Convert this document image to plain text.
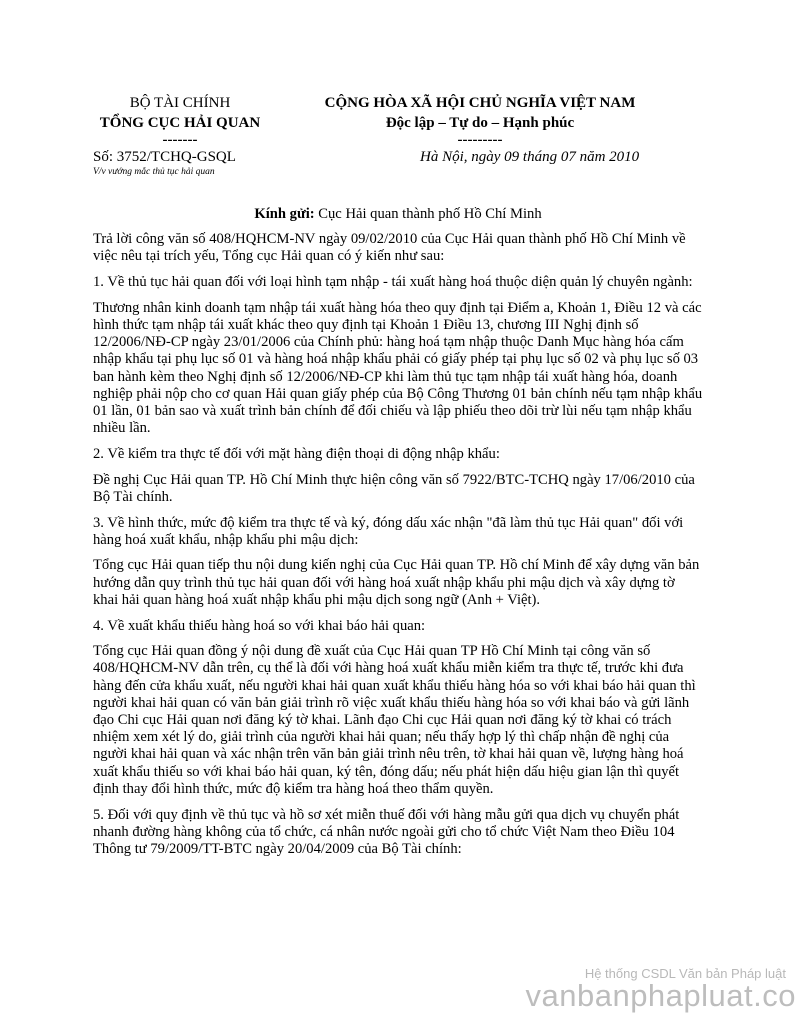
BỘ TÀI CHÍNH
TỔNG CỤC HẢI QUAN
-------
CỘNG HÒA XÃ HỘI CHỦ NGHĨA VIỆT NAM
Độc lập – Tự do – Hạnh phúc
---------
Số: 3752/TCHQ-GSQL
V/v vướng mắc thủ tục hải quan
Hà Nội, ngày 09 tháng 07 năm 2010

Kính gửi: Cục Hải quan thành phố Hồ Chí Minh

Trả lời công văn số 408/HQHCM-NV ngày 09/02/2010 của Cục Hải quan thành phố Hồ Chí Minh về việc nêu tại trích yếu, Tổng cục Hải quan có ý kiến như sau:

1. Về thủ tục hải quan đối với loại hình tạm nhập - tái xuất hàng hoá thuộc diện quản lý chuyên ngành:

Thương nhân kinh doanh tạm nhập tái xuất hàng hóa theo quy định tại Điểm a, Khoản 1, Điều 12 và các hình thức tạm nhập tái xuất khác theo quy định tại Khoản 1 Điều 13, chương III Nghị định số 12/2006/NĐ-CP ngày 23/01/2006 của Chính phủ: hàng hoá tạm nhập thuộc Danh Mục hàng hóa cấm nhập khẩu tại phụ lục số 01 và hàng hoá nhập khẩu phải có giấy phép tại phụ lục số 02 và phụ lục số 03 ban hành kèm theo Nghị định số 12/2006/NĐ-CP khi làm thủ tục tạm nhập tái xuất hàng hóa, doanh nghiệp phải nộp cho cơ quan Hải quan giấy phép của Bộ Công Thương 01 bản chính nếu tạm nhập khẩu 01 lần, 01 bản sao và xuất trình bản chính để đối chiếu và lập phiếu theo dõi trừ lùi nếu tạm nhập khẩu nhiều lần.

2. Về kiểm tra thực tế đối với mặt hàng điện thoại di động nhập khẩu:

Đề nghị Cục Hải quan TP. Hồ Chí Minh thực hiện công văn số 7922/BTC-TCHQ ngày 17/06/2010 của Bộ Tài chính.

3. Về hình thức, mức độ kiểm tra thực tế và ký, đóng dấu xác nhận "đã làm thủ tục Hải quan" đối với hàng hoá xuất khẩu, nhập khẩu phi mậu dịch:

Tổng cục Hải quan tiếp thu nội dung kiến nghị của Cục Hải quan TP. Hồ chí Minh để xây dựng văn bản hướng dẫn quy trình thủ tục hải quan đối với hàng hoá xuất nhập khẩu phi mậu dịch và xây dựng tờ khai hải quan hàng hoá xuất nhập khẩu phi mậu dịch song ngữ (Anh + Việt).

4. Về xuất khẩu thiếu hàng hoá so với khai báo hải quan:

Tổng cục Hải quan đồng ý nội dung đề xuất của Cục Hải quan TP Hồ Chí Minh tại công văn số 408/HQHCM-NV dẫn trên, cụ thể là đối với hàng hoá xuất khẩu miễn kiểm tra thực tế, trước khi đưa hàng đến cửa khẩu xuất, nếu người khai hải quan xuất khẩu thiếu hàng hóa so với khai báo hải quan thì người khai hải quan có văn bản giải trình rõ việc xuất khẩu thiếu hàng hóa so với khai báo và gửi lãnh đạo Chi cục Hải quan nơi đăng ký tờ khai. Lãnh đạo Chi cục Hải quan nơi đăng ký tờ khai có trách nhiệm xem xét lý do, giải trình của người khai hải quan; nếu thấy hợp lý thì chấp nhận đề nghị của người khai hải quan và xác nhận trên văn bản giải trình nêu trên, tờ khai hải quan về, lượng hàng hoá xuất khẩu thiếu so với khai báo hải quan, ký tên, đóng dấu; nếu phát hiện dấu hiệu gian lận thì quyết định thay đổi hình thức, mức độ kiểm tra hàng hoá theo thẩm quyền.

5. Đối với quy định về thủ tục và hồ sơ xét miễn thuế đối với hàng mẫu gửi qua dịch vụ chuyển phát nhanh đường hàng không của tổ chức, cá nhân nước ngoài gửi cho tổ chức Việt Nam theo Điều 104 Thông tư 79/2009/TT-BTC ngày 20/04/2009 của Bộ Tài chính:

Hệ thống CSDL Văn bản Pháp luật
vanbanphapluat.co
